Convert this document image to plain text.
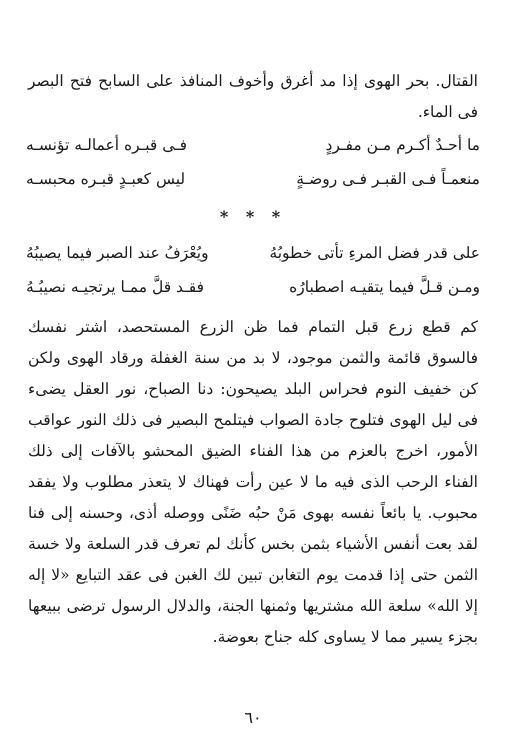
القتال. بحر الهوى إذا مد أغرق وأخوف المنافذ على السابح فتح البصر فى الماء.

ما أحـدٌ أكـرم مـن مفـردٍ
فـى قبـره أعمالـه تؤنسـه
منعمـاً فـى القبـر فـى روضـةٍ
ليس كعبـدٍ قبـره محبسـه
* * *
على قدر فضل المرءِ تأتى خطوبُهُ
ويُعْرَفُ عند الصبر فيما يصيبُهُ
ومـن قـلَّ فيما يتقيـه اصطبارُه
فقـد قلَّ ممـا يرتجيـه نصيبُـهُ

كم قطع زرع قبل التمام فما ظن الزرع المستحصد، اشتر نفسك فالسوق قائمة والثمن موجود، لا بد من سنة الغفلة ورقاد الهوى ولكن كن خفيف النوم فحراس البلد يصيحون: دنا الصباح، نور العقل يضىء فى ليل الهوى فتلوح جادة الصواب فيتلمح البصير فى ذلك النور عواقب الأمور، اخرج بالعزم من هذا الفناء الضيق المحشو بالآفات إلى ذلك الفناء الرحب الذى فيه ما لا عين رأت فهناك لا يتعذر مطلوب ولا يفقد محبوب. يا بائعاً نفسه بهوى مَنْ حبُه ضَنًى ووصله أذى، وحسنه إلى فنا لقد بعت أنفس الأشياء بثمن بخس كأنك لم تعرف قدر السلعة ولا خسة الثمن حتى إذا قدمت يوم التغابن تبين لك الغبن فى عقد التبايع «لا إله إلا الله» سلعة الله مشتريها وثمنها الجنة، والدلال الرسول ترضى ببيعها بجزء يسير مما لا يساوى كله جناح بعوضة.

٦٠
